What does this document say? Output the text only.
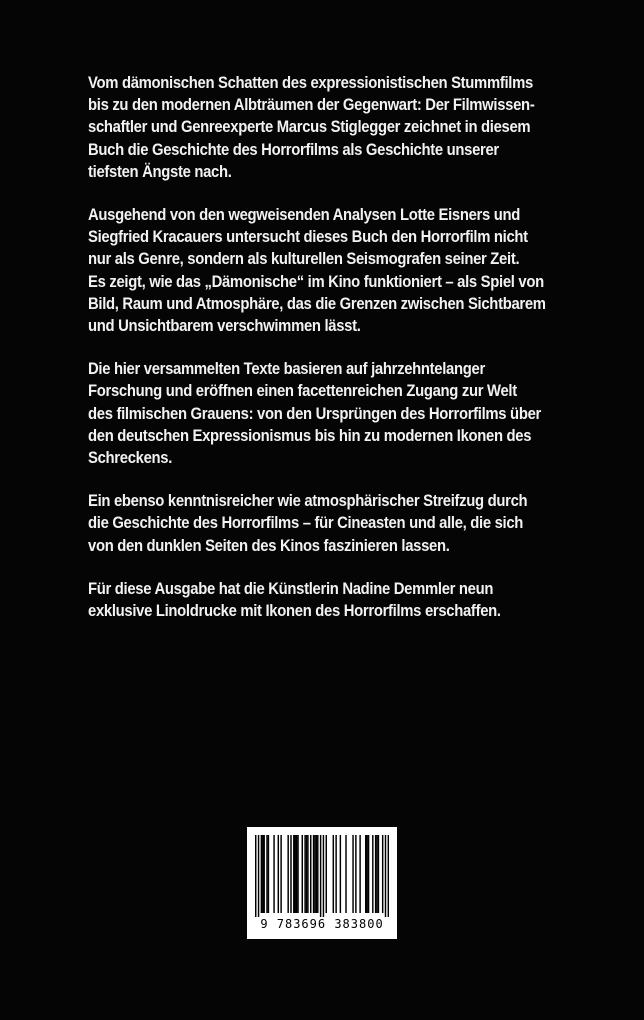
Vom dämonischen Schatten des expressionistischen Stummfilms
bis zu den modernen Albträumen der Gegenwart: Der Filmwissen-
schaftler und Genreexperte Marcus Stiglegger zeichnet in diesem
Buch die Geschichte des Horrorfilms als Geschichte unserer
tiefsten Ängste nach.

Ausgehend von den wegweisenden Analysen Lotte Eisners und
Siegfried Kracauers untersucht dieses Buch den Horrorfilm nicht
nur als Genre, sondern als kulturellen Seismografen seiner Zeit.
Es zeigt, wie das „Dämonische“ im Kino funktioniert – als Spiel von
Bild, Raum und Atmosphäre, das die Grenzen zwischen Sichtbarem
und Unsichtbarem verschwimmen lässt.

Die hier versammelten Texte basieren auf jahrzehntelanger
Forschung und eröffnen einen facettenreichen Zugang zur Welt
des filmischen Grauens: von den Ursprüngen des Horrorfilms über
den deutschen Expressionismus bis hin zu modernen Ikonen des
Schreckens.

Ein ebenso kenntnisreicher wie atmosphärischer Streifzug durch
die Geschichte des Horrorfilms – für Cineasten und alle, die sich
von den dunklen Seiten des Kinos faszinieren lassen.

Für diese Ausgabe hat die Künstlerin Nadine Demmler neun
exklusive Linoldrucke mit Ikonen des Horrorfilms erschaffen.

9 783696 383800
